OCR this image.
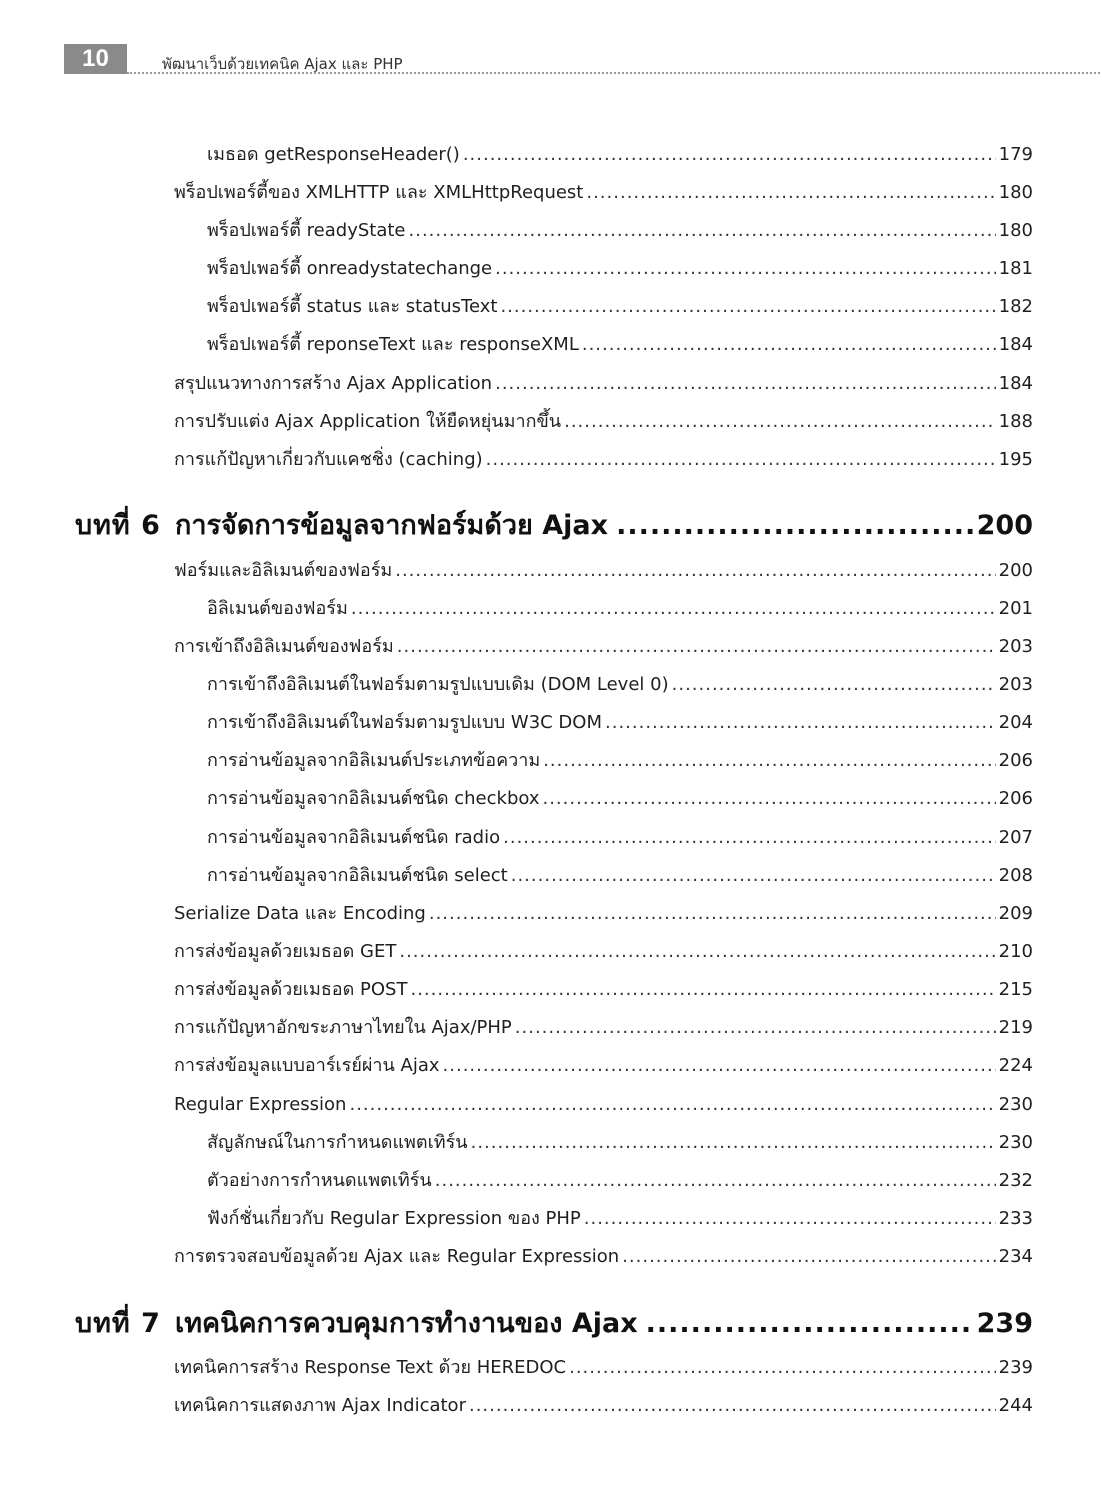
10	พัฒนาเว็บด้วยเทคนิค Ajax และ PHP
เมธอด getResponseHeader() .....	179
พร็อปเพอร์ตี้ของ XMLHTTP และ XMLHttpRequest .....	180
พร็อปเพอร์ตี้ readyState .....	180
พร็อปเพอร์ตี้ onreadystatechange .....	181
พร็อปเพอร์ตี้ status และ statusText .....	182
พร็อปเพอร์ตี้ reponseText และ responseXML .....	184
สรุปแนวทางการสร้าง Ajax Application .....	184
การปรับแต่ง Ajax Application ให้ยืดหยุ่นมากขึ้น .....	188
การแก้ปัญหาเกี่ยวกับแคชชิ่ง (caching) .....	195
บทที่ 6 การจัดการข้อมูลจากฟอร์มด้วย Ajax .....	200
ฟอร์มและอิลิเมนต์ของฟอร์ม .....	200
อิลิเมนต์ของฟอร์ม .....	201
การเข้าถึงอิลิเมนต์ของฟอร์ม .....	203
การเข้าถึงอิลิเมนต์ในฟอร์มตามรูปแบบเดิม (DOM Level 0) .....	203
การเข้าถึงอิลิเมนต์ในฟอร์มตามรูปแบบ W3C DOM .....	204
การอ่านข้อมูลจากอิลิเมนต์ประเภทข้อความ .....	206
การอ่านข้อมูลจากอิลิเมนต์ชนิด checkbox .....	206
การอ่านข้อมูลจากอิลิเมนต์ชนิด radio .....	207
การอ่านข้อมูลจากอิลิเมนต์ชนิด select .....	208
Serialize Data และ Encoding .....	209
การส่งข้อมูลด้วยเมธอด GET .....	210
การส่งข้อมูลด้วยเมธอด POST .....	215
การแก้ปัญหาอักขระภาษาไทยใน Ajax/PHP .....	219
การส่งข้อมูลแบบอาร์เรย์ผ่าน Ajax .....	224
Regular Expression .....	230
สัญลักษณ์ในการกำหนดแพตเทิร์น .....	230
ตัวอย่างการกำหนดแพตเทิร์น .....	232
ฟังก์ชั่นเกี่ยวกับ Regular Expression ของ PHP .....	233
การตรวจสอบข้อมูลด้วย Ajax และ Regular Expression .....	234
บทที่ 7 เทคนิคการควบคุมการทำงานของ Ajax .....	239
เทคนิคการสร้าง Response Text ด้วย HEREDOC .....	239
เทคนิคการแสดงภาพ Ajax Indicator .....	244
